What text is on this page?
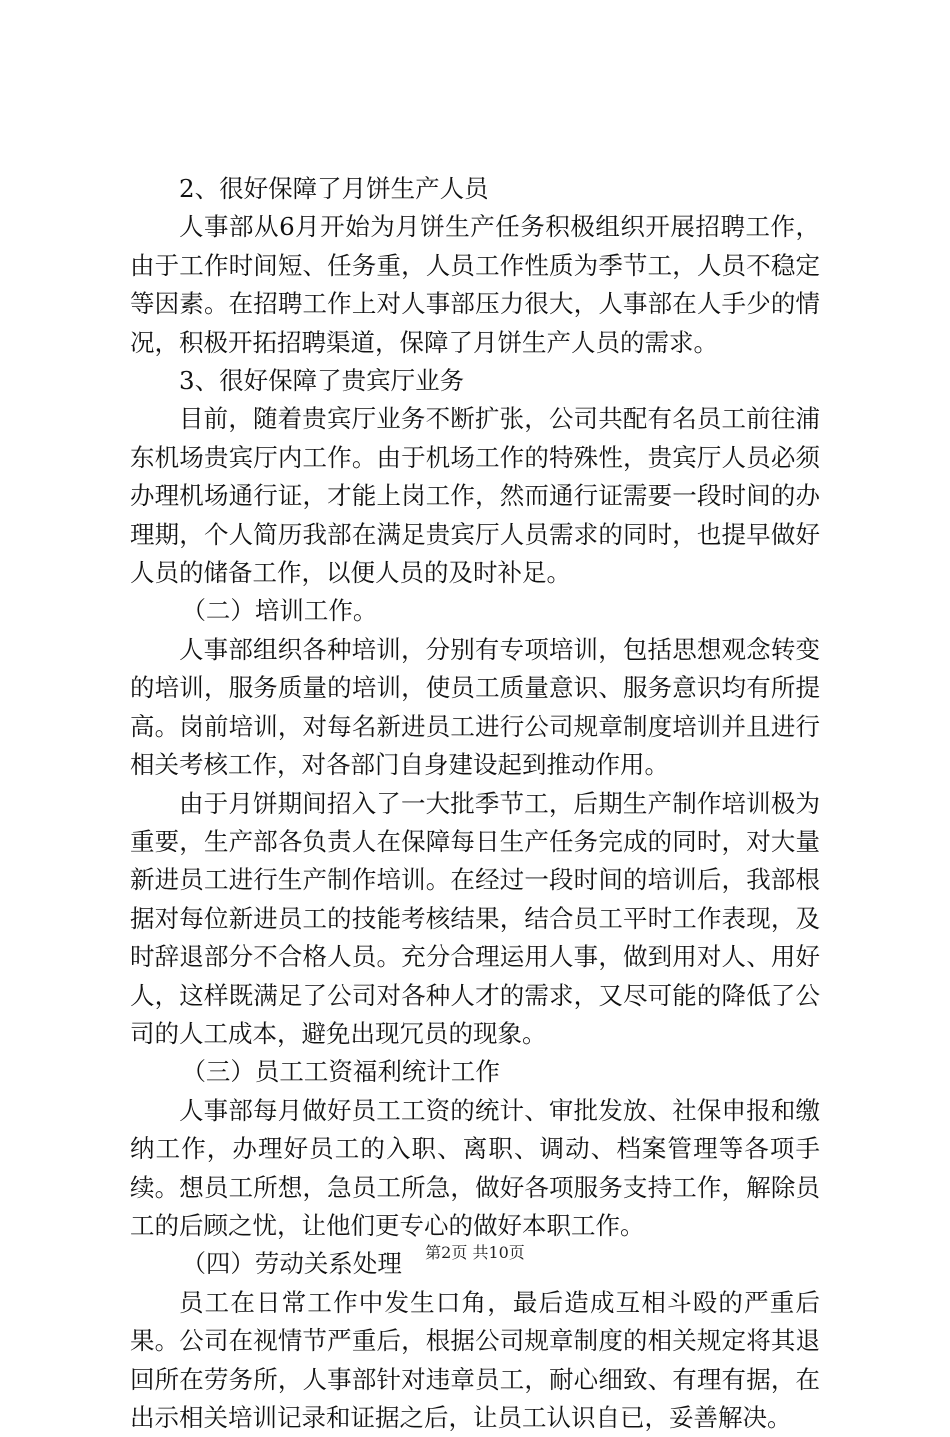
2、很好保障了月饼生产人员

人事部从6月开始为月饼生产任务积极组织开展招聘工作，由于工作时间短、任务重，人员工作性质为季节工，人员不稳定等因素。在招聘工作上对人事部压力很大，人事部在人手少的情况，积极开拓招聘渠道，保障了月饼生产人员的需求。

3、很好保障了贵宾厅业务

目前，随着贵宾厅业务不断扩张，公司共配有名员工前往浦东机场贵宾厅内工作。由于机场工作的特殊性，贵宾厅人员必须办理机场通行证，才能上岗工作，然而通行证需要一段时间的办理期，个人简历我部在满足贵宾厅人员需求的同时，也提早做好人员的储备工作，以便人员的及时补足。

（二）培训工作。

人事部组织各种培训，分别有专项培训，包括思想观念转变的培训，服务质量的培训，使员工质量意识、服务意识均有所提高。岗前培训，对每名新进员工进行公司规章制度培训并且进行相关考核工作，对各部门自身建设起到推动作用。

由于月饼期间招入了一大批季节工，后期生产制作培训极为重要，生产部各负责人在保障每日生产任务完成的同时，对大量新进员工进行生产制作培训。在经过一段时间的培训后，我部根据对每位新进员工的技能考核结果，结合员工平时工作表现，及时辞退部分不合格人员。充分合理运用人事，做到用对人、用好人，这样既满足了公司对各种人才的需求，又尽可能的降低了公司的人工成本，避免出现冗员的现象。

（三）员工工资福利统计工作

人事部每月做好员工工资的统计、审批发放、社保申报和缴纳工作，办理好员工的入职、离职、调动、档案管理等各项手续。想员工所想，急员工所急，做好各项服务支持工作，解除员工的后顾之忧，让他们更专心的做好本职工作。

（四）劳动关系处理

员工在日常工作中发生口角，最后造成互相斗殴的严重后果。公司在视情节严重后，根据公司规章制度的相关规定将其退回所在劳务所，人事部针对违章员工，耐心细致、有理有据，在出示相关培训记录和证据之后，让员工认识自已，妥善解决。

第2页 共10页
